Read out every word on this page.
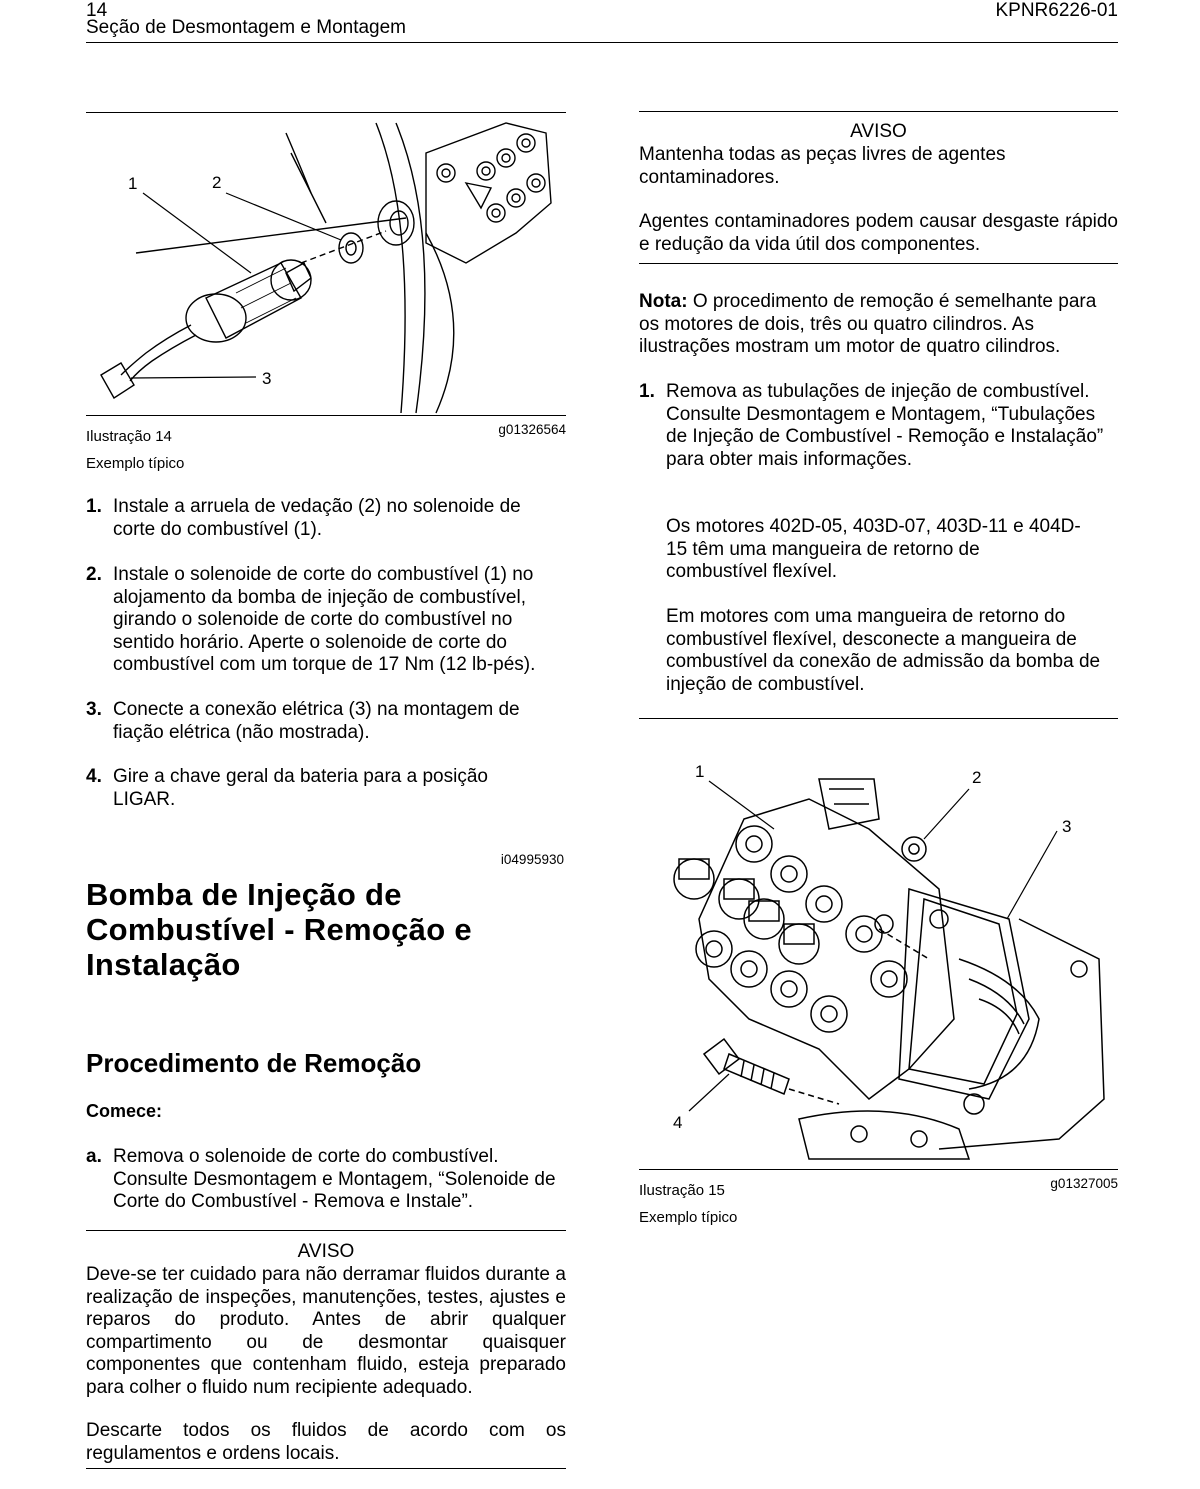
14
Seção de Desmontagem e Montagem
KPNR6226-01
1	2
3
Ilustração 14	g01326564
Exemplo típico
1. Instale a arruela de vedação (2) no solenoide de corte do combustível (1).
2. Instale o solenoide de corte do combustível (1) no alojamento da bomba de injeção de combustível, girando o solenoide de corte do combustível no sentido horário. Aperte o solenoide de corte do combustível com um torque de 17 Nm (12 lb-pés).
3. Conecte a conexão elétrica (3) na montagem de fiação elétrica (não mostrada).
4. Gire a chave geral da bateria para a posição LIGAR.
i04995930
Bomba de Injeção de Combustível - Remoção e Instalação
Procedimento de Remoção
Comece:
a. Remova o solenoide de corte do combustível. Consulte Desmontagem e Montagem, “Solenoide de Corte do Combustível - Remova e Instale”.
AVISO
Deve-se ter cuidado para não derramar fluidos durante a realização de inspeções, manutenções, testes, ajustes e reparos do produto. Antes de abrir qualquer compartimento ou de desmontar quaisquer componentes que contenham fluido, esteja preparado para colher o fluido num recipiente adequado.
Descarte todos os fluidos de acordo com os regulamentos e ordens locais.
AVISO
Mantenha todas as peças livres de agentes contaminadores.
Agentes contaminadores podem causar desgaste rápido e redução da vida útil dos componentes.
Nota: O procedimento de remoção é semelhante para os motores de dois, três ou quatro cilindros. As ilustrações mostram um motor de quatro cilindros.
1. Remova as tubulações de injeção de combustível. Consulte Desmontagem e Montagem, “Tubulações de Injeção de Combustível - Remoção e Instalação” para obter mais informações.
Os motores 402D-05, 403D-07, 403D-11 e 404D-15 têm uma mangueira de retorno de combustível flexível.
Em motores com uma mangueira de retorno do combustível flexível, desconecte a mangueira de combustível da conexão de admissão da bomba de injeção de combustível.
1	2
3
4
Ilustração 15	g01327005
Exemplo típico
